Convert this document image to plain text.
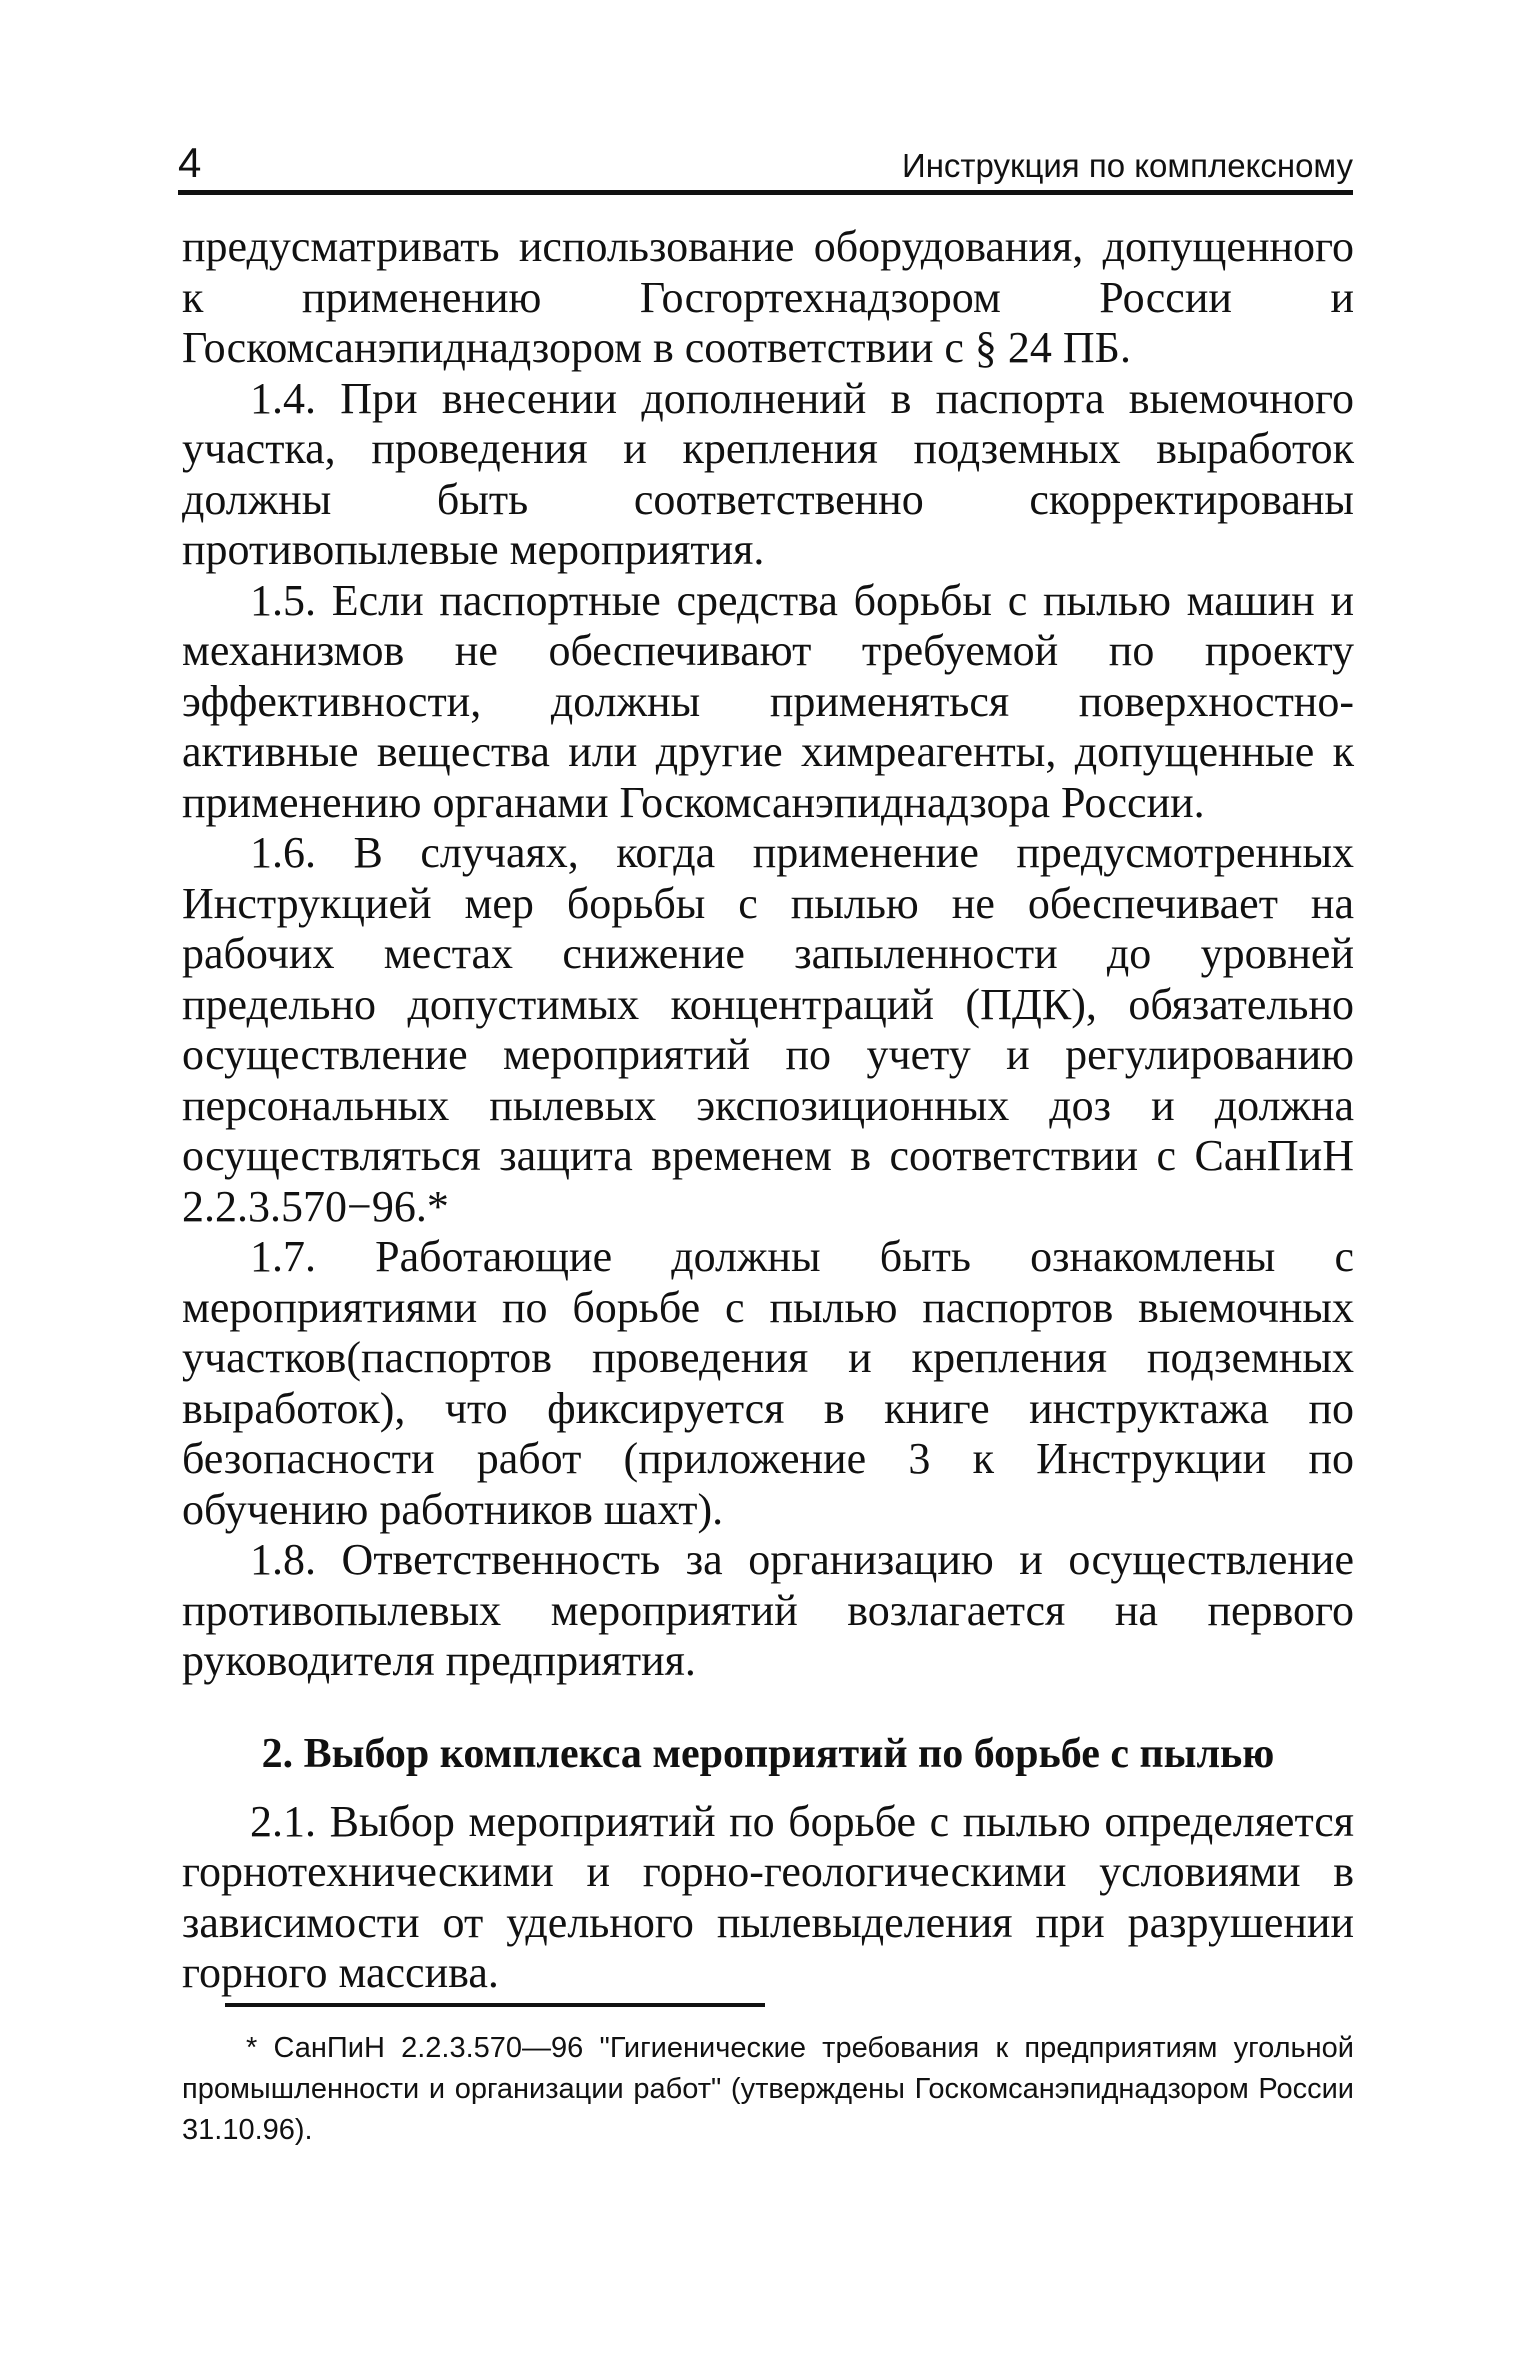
4	Инструкция по комплексному

предусматривать использование оборудования, допущенного к применению Госгортехнадзором России и Госкомсанэпиднадзором в соответствии с § 24 ПБ.

1.4. При внесении дополнений в паспорта выемочного участка, проведения и крепления подземных выработок должны быть соответственно скорректированы противопылевые мероприятия.

1.5. Если паспортные средства борьбы с пылью машин и механизмов не обеспечивают требуемой по проекту эффективности, должны применяться поверхностно-активные вещества или другие химреагенты, допущенные к применению органами Госкомсанэпиднадзора России.

1.6. В случаях, когда применение предусмотренных Инструкцией мер борьбы с пылью не обеспечивает на рабочих местах снижение запыленности до уровней предельно допустимых концентраций (ПДК), обязательно осуществление мероприятий по учету и регулированию персональных пылевых экспозиционных доз и должна осуществляться защита временем в соответствии с СанПиН 2.2.3.570−96.*

1.7. Работающие должны быть ознакомлены с мероприятиями по борьбе с пылью паспортов выемочных участков(паспортов проведения и крепления подземных выработок), что фиксируется в книге инструктажа по безопасности работ (приложение 3 к Инструкции по обучению работников шахт).

1.8. Ответственность за организацию и осуществление противопылевых мероприятий возлагается на первого руководителя предприятия.

2. Выбор комплекса мероприятий по борьбе с пылью

2.1. Выбор мероприятий по борьбе с пылью определяется горнотехническими и горно-геологическими условиями в зависимости от удельного пылевыделения при разрушении горного массива.

* СанПиН 2.2.3.570—96 "Гигиенические требования к предприятиям угольной промышленности и организации работ" (утверждены Госкомсанэпиднадзором России 31.10.96).
